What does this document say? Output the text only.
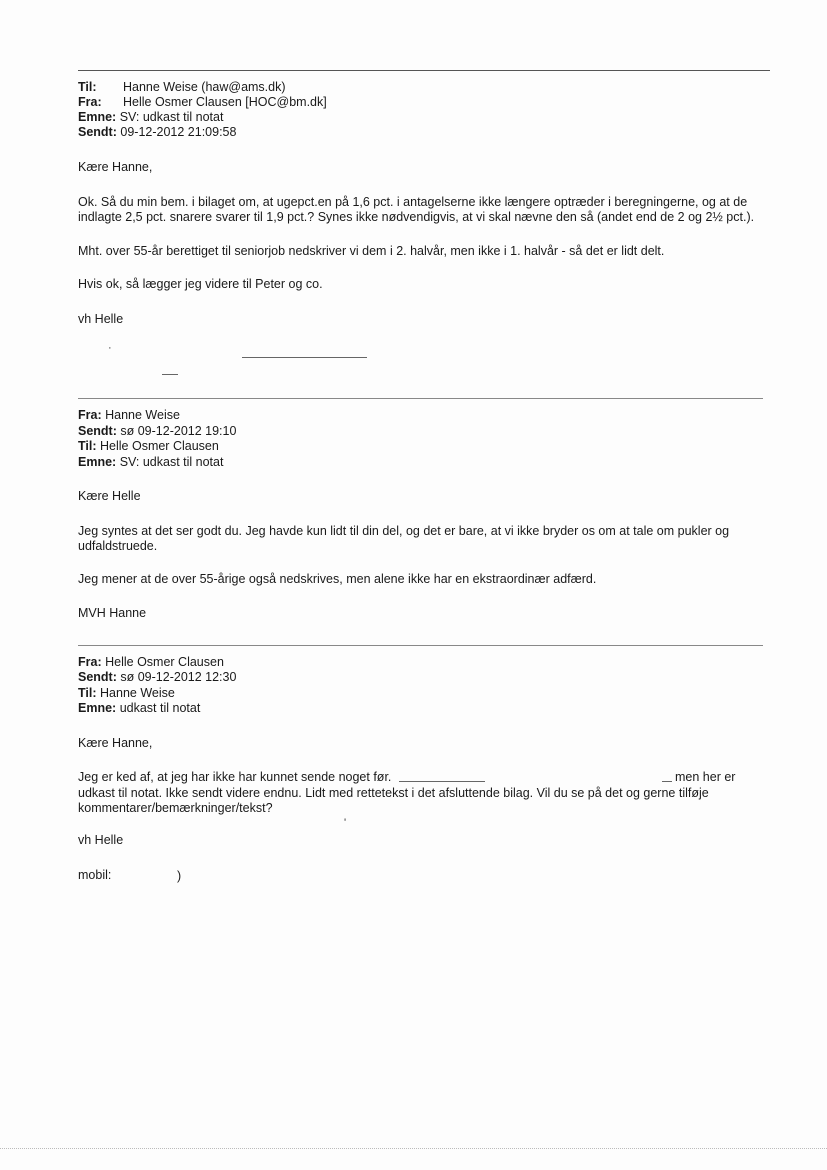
Til: Hanne Weise (haw@ams.dk)
Fra: Helle Osmer Clausen [HOC@bm.dk]
Emne: SV: udkast til notat
Sendt: 09-12-2012 21:09:58
Kære Hanne,
Ok. Så du min bem. i bilaget om, at ugepct.en på 1,6 pct. i antagelserne ikke længere optræder i beregningerne, og at de
indlagte 2,5 pct. snarere svarer til 1,9 pct.? Synes ikke nødvendigvis, at vi skal nævne den så (andet end de 2 og 2½ pct.).
Mht. over 55-år berettiget til seniorjob nedskriver vi dem i 2. halvår, men ikke i 1. halvår - så det er lidt delt.
Hvis ok, så lægger jeg videre til Peter og co.
vh Helle
·
Fra: Hanne Weise
Sendt: sø 09-12-2012 19:10
Til: Helle Osmer Clausen
Emne: SV: udkast til notat
Kære Helle
Jeg syntes at det ser godt du. Jeg havde kun lidt til din del, og det er bare, at vi ikke bryder os om at tale om pukler og
udfaldstruede.
Jeg mener at de over 55-årige også nedskrives, men alene ikke har en ekstraordinær adfærd.
MVH Hanne
Fra: Helle Osmer Clausen
Sendt: sø 09-12-2012 12:30
Til: Hanne Weise
Emne: udkast til notat
Kære Hanne,
Jeg er ked af, at jeg har ikke har kunnet sende noget før.	men her er
udkast til notat. Ikke sendt videre endnu. Lidt med rettetekst i det afsluttende bilag. Vil du se på det og gerne tilføje
kommentarer/bemærkninger/tekst?
'
vh Helle
mobil:	)
